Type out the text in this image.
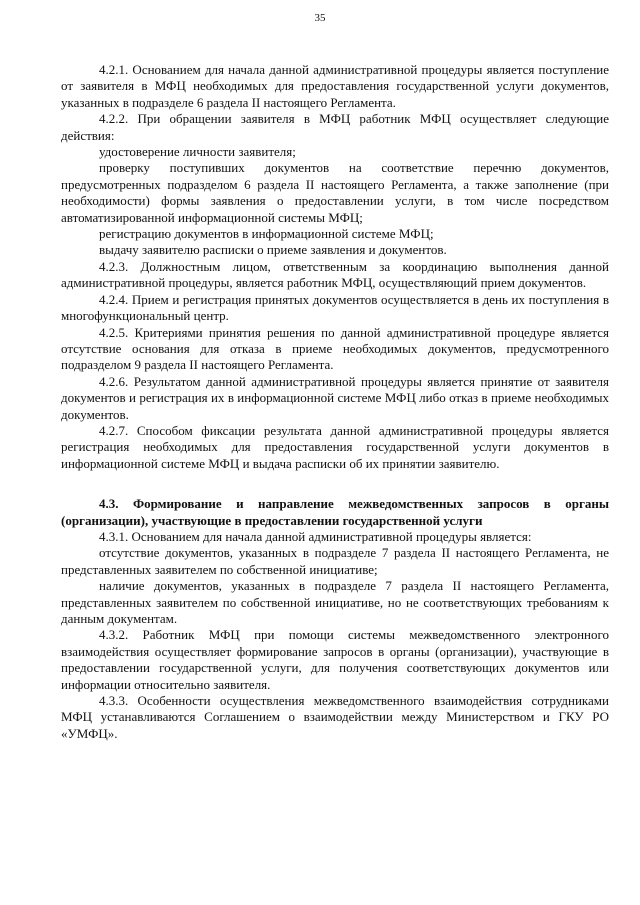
35

4.2.1. Основанием для начала данной административной процедуры является поступление от заявителя в МФЦ необходимых для предоставления государственной услуги документов, указанных в подразделе 6 раздела II настоящего Регламента.

4.2.2. При обращении заявителя в МФЦ работник МФЦ осуществляет следующие действия:

удостоверение личности заявителя;

проверку поступивших документов на соответствие перечню документов, предусмотренных подразделом 6 раздела II настоящего Регламента, а также заполнение (при необходимости) формы заявления о предоставлении услуги, в том числе посредством автоматизированной информационной системы МФЦ;

регистрацию документов в информационной системе МФЦ;

выдачу заявителю расписки о приеме заявления и документов.

4.2.3. Должностным лицом, ответственным за координацию выполнения данной административной процедуры, является работник МФЦ, осуществляющий прием документов.

4.2.4. Прием и регистрация принятых документов осуществляется в день их поступления в многофункциональный центр.

4.2.5. Критериями принятия решения по данной административной процедуре является отсутствие основания для отказа в приеме необходимых документов, предусмотренного подразделом 9 раздела II настоящего Регламента.

4.2.6. Результатом данной административной процедуры является принятие от заявителя документов и регистрация их в информационной системе МФЦ либо отказ в приеме необходимых документов.

4.2.7. Способом фиксации результата данной административной процедуры является регистрация необходимых для предоставления государственной услуги документов в информационной системе МФЦ и выдача расписки об их принятии заявителю.

4.3. Формирование и направление межведомственных запросов в органы (организации), участвующие в предоставлении государственной услуги

4.3.1. Основанием для начала данной административной процедуры является:

отсутствие документов, указанных в подразделе 7 раздела II настоящего Регламента, не представленных заявителем по собственной инициативе;

наличие документов, указанных в подразделе 7 раздела II настоящего Регламента, представленных заявителем по собственной инициативе, но не соответствующих требованиям к данным документам.

4.3.2. Работник МФЦ при помощи системы межведомственного электронного взаимодействия осуществляет формирование запросов в органы (организации), участвующие в предоставлении государственной услуги, для получения соответствующих документов или информации относительно заявителя.

4.3.3. Особенности осуществления межведомственного взаимодействия сотрудниками МФЦ устанавливаются Соглашением о взаимодействии между Министерством и ГКУ РО «УМФЦ».
